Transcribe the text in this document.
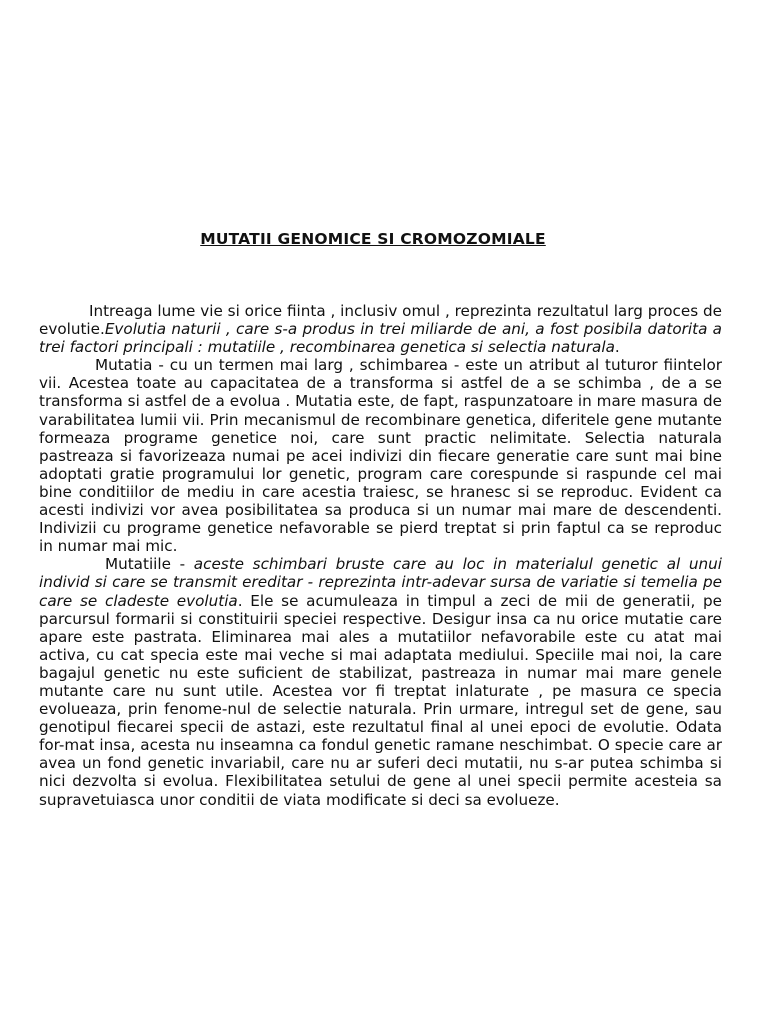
MUTATII GENOMICE SI CROMOZOMIALE

Intreaga lume vie si orice fiinta , inclusiv omul , reprezinta rezultatul larg proces de evolutie.Evolutia naturii , care s-a produs in trei miliarde de ani, a fost posibila datorita a trei factori principali : mutatiile , recombinarea genetica si selectia naturala.

Mutatia - cu un termen mai larg , schimbarea - este un atribut al tuturor fiintelor vii. Acestea toate au capacitatea de a transforma si astfel de a se schimba , de a se transforma si astfel de a evolua . Mutatia este, de fapt, raspunzatoare in mare masura de varabilitatea lumii vii. Prin mecanismul de recombinare genetica, diferitele gene mutante formeaza programe genetice noi, care sunt practic nelimitate. Selectia naturala pastreaza si favorizeaza numai pe acei indivizi din fiecare generatie care sunt mai bine adoptati gratie programului lor genetic, program care corespunde si raspunde cel mai bine conditiilor de mediu in care acestia traiesc, se hranesc si se reproduc. Evident ca acesti indivizi vor avea posibilitatea sa produca si un numar mai mare de descendenti. Indivizii cu programe genetice nefavorable se pierd treptat si prin faptul ca se reproduc in numar mai mic.

Mutatiile - aceste schimbari bruste care au loc in materialul genetic al unui individ si care se transmit ereditar - reprezinta intr-adevar sursa de variatie si temelia pe care se cladeste evolutia. Ele se acumuleaza in timpul a zeci de mii de generatii, pe parcursul formarii si constituirii speciei respective. Desigur insa ca nu orice mutatie care apare este pastrata. Eliminarea mai ales a mutatiilor nefavorabile este cu atat mai activa, cu cat specia este mai veche si mai adaptata mediului. Speciile mai noi, la care bagajul genetic nu este suficient de stabilizat, pastreaza in numar mai mare genele mutante care nu sunt utile. Acestea vor fi treptat inlaturate , pe masura ce specia evolueaza, prin fenome-nul de selectie naturala. Prin urmare, intregul set de gene, sau genotipul fiecarei specii de astazi, este rezultatul final al unei epoci de evolutie. Odata for-mat insa, acesta nu inseamna ca fondul genetic ramane neschimbat. O specie care ar avea un fond genetic invariabil, care nu ar suferi deci mutatii, nu s-ar putea schimba si nici dezvolta si evolua. Flexibilitatea setului de gene al unei specii permite acesteia sa supravetuiasca unor conditii de viata modificate si deci sa evolueze.
